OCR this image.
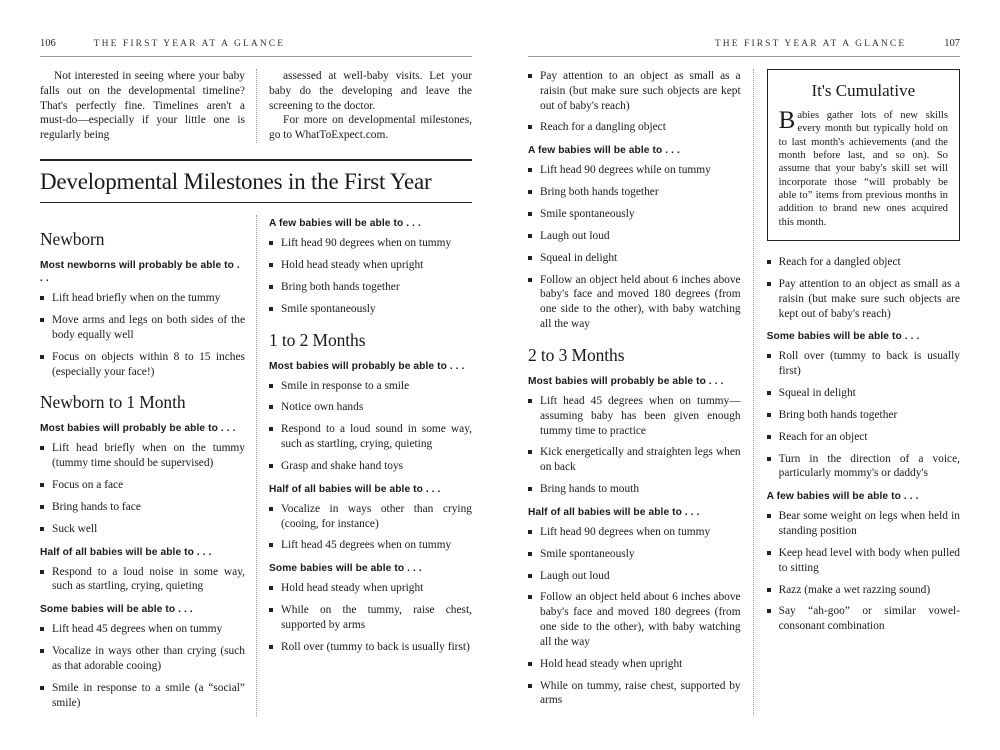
106	THE FIRST YEAR AT A GLANCE

Not interested in seeing where your baby falls out on the developmental timeline? That's perfectly fine. Timelines aren't a must-do—especially if your little one is regularly being

assessed at well-baby visits. Let your baby do the developing and leave the screening to the doctor.

For more on developmental milestones, go to WhatToExpect.com.

Developmental Milestones in the First Year
Newborn
Most newborns will probably be able to . . .
Lift head briefly when on the tummy
Move arms and legs on both sides of the body equally well
Focus on objects within 8 to 15 inches (especially your face!)
Newborn to 1 Month
Most babies will probably be able to . . .
Lift head briefly when on the tummy (tummy time should be supervised)
Focus on a face
Bring hands to face
Suck well
Half of all babies will be able to . . .
Respond to a loud noise in some way, such as startling, crying, quieting
Some babies will be able to . . .
Lift head 45 degrees when on tummy
Vocalize in ways other than crying (such as that adorable cooing)
Smile in response to a smile (a “social” smile)
A few babies will be able to . . .
Lift head 90 degrees when on tummy
Hold head steady when upright
Bring both hands together
Smile spontaneously
1 to 2 Months
Most babies will probably be able to . . .
Smile in response to a smile
Notice own hands
Respond to a loud sound in some way, such as startling, crying, quieting
Grasp and shake hand toys
Half of all babies will be able to . . .
Vocalize in ways other than crying (cooing, for instance)
Lift head 45 degrees when on tummy
Some babies will be able to . . .
Hold head steady when upright
While on the tummy, raise chest, supported by arms
Roll over (tummy to back is usually first)
THE FIRST YEAR AT A GLANCE	107
Pay attention to an object as small as a raisin (but make sure such objects are kept out of baby's reach)
Reach for a dangling object
A few babies will be able to . . .
Lift head 90 degrees while on tummy
Bring both hands together
Smile spontaneously
Laugh out loud
Squeal in delight
Follow an object held about 6 inches above baby's face and moved 180 degrees (from one side to the other), with baby watching all the way
2 to 3 Months
Most babies will probably be able to . . .
Lift head 45 degrees when on tummy—assuming baby has been given enough tummy time to practice
Kick energetically and straighten legs when on back
Bring hands to mouth
Half of all babies will be able to . . .
Lift head 90 degrees when on tummy
Smile spontaneously
Laugh out loud
Follow an object held about 6 inches above baby's face and moved 180 degrees (from one side to the other), with baby watching all the way
Hold head steady when upright
While on tummy, raise chest, supported by arms
It's Cumulative

Babies gather lots of new skills every month but typically hold on to last month's achievements (and the month before last, and so on). So assume that your baby's skill set will incorporate those “will probably be able to” items from previous months in addition to brand new ones acquired this month.

Reach for a dangled object
Pay attention to an object as small as a raisin (but make sure such objects are kept out of baby's reach)
Some babies will be able to . . .
Roll over (tummy to back is usually first)
Squeal in delight
Bring both hands together
Reach for an object
Turn in the direction of a voice, particularly mommy's or daddy's
A few babies will be able to . . .
Bear some weight on legs when held in standing position
Keep head level with body when pulled to sitting
Razz (make a wet razzing sound)
Say “ah-goo” or similar vowel-consonant combination
